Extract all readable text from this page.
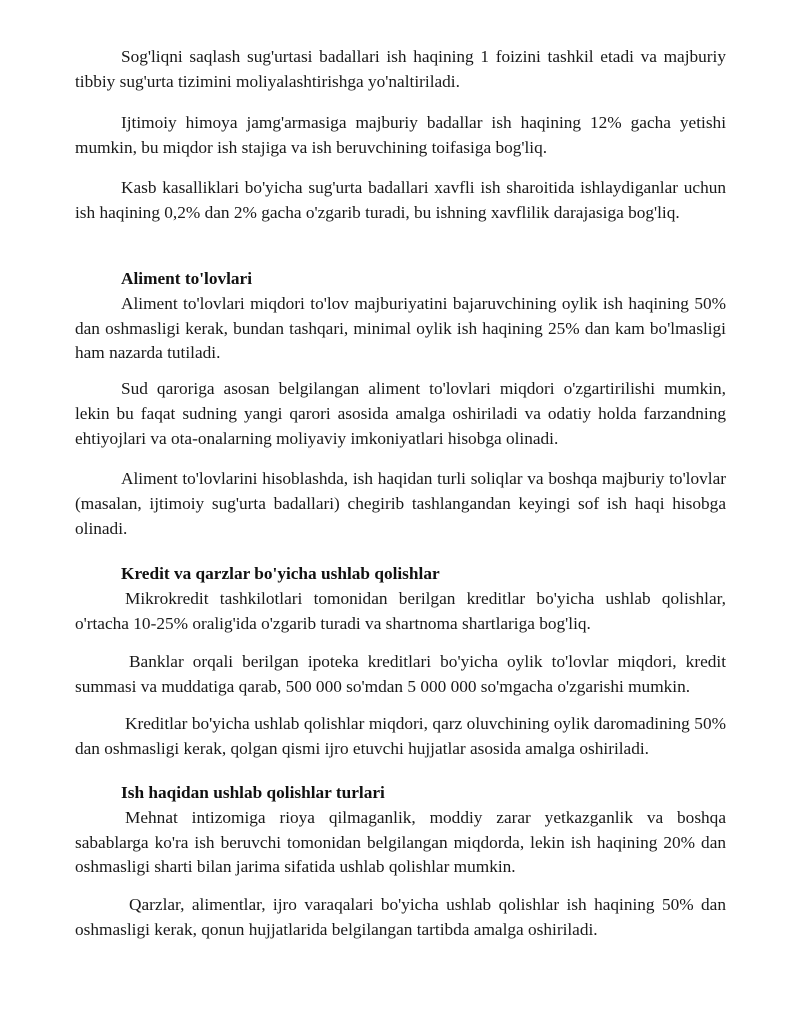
Sog'liqni saqlash sug'urtasi badallari ish haqining 1 foizini tashkil etadi va majburiy tibbiy sug'urta tizimini moliyalashtirishga yo'naltiriladi.

Ijtimoiy himoya jamg'armasiga majburiy badallar ish haqining 12% gacha yetishi mumkin, bu miqdor ish stajiga va ish beruvchining toifasiga bog'liq.

Kasb kasalliklari bo'yicha sug'urta badallari xavfli ish sharoitida ishlaydiganlar uchun ish haqining 0,2% dan 2% gacha o'zgarib turadi, bu ishning xavflilik darajasiga bog'liq.

Aliment to'lovlari

Aliment to'lovlari miqdori to'lov majburiyatini bajaruvchining oylik ish haqining 50% dan oshmasligi kerak, bundan tashqari, minimal oylik ish haqining 25% dan kam bo'lmasligi ham nazarda tutiladi.

Sud qaroriga asosan belgilangan aliment to'lovlari miqdori o'zgartirilishi mumkin, lekin bu faqat sudning yangi qarori asosida amalga oshiriladi va odatiy holda farzandning ehtiyojlari va ota-onalarning moliyaviy imkoniyatlari hisobga olinadi.

Aliment to'lovlarini hisoblashda, ish haqidan turli soliqlar va boshqa majburiy to'lovlar (masalan, ijtimoiy sug'urta badallari) chegirib tashlangandan keyingi sof ish haqi hisobga olinadi.

Kredit va qarzlar bo'yicha ushlab qolishlar

Mikrokredit tashkilotlari tomonidan berilgan kreditlar bo'yicha ushlab qolishlar, o'rtacha 10-25% oralig'ida o'zgarib turadi va shartnoma shartlariga bog'liq.

Banklar orqali berilgan ipoteka kreditlari bo'yicha oylik to'lovlar miqdori, kredit summasi va muddatiga qarab, 500 000 so'mdan 5 000 000 so'mgacha o'zgarishi mumkin.

Kreditlar bo'yicha ushlab qolishlar miqdori, qarz oluvchining oylik daromadining 50% dan oshmasligi kerak, qolgan qismi ijro etuvchi hujjatlar asosida amalga oshiriladi.

Ish haqidan ushlab qolishlar turlari

Mehnat intizomiga rioya qilmaganlik, moddiy zarar yetkazganlik va boshqa sabablarga ko'ra ish beruvchi tomonidan belgilangan miqdorda, lekin ish haqining 20% dan oshmasligi sharti bilan jarima sifatida ushlab qolishlar mumkin.

Qarzlar, alimentlar, ijro varaqalari bo'yicha ushlab qolishlar ish haqining 50% dan oshmasligi kerak, qonun hujjatlarida belgilangan tartibda amalga oshiriladi.
